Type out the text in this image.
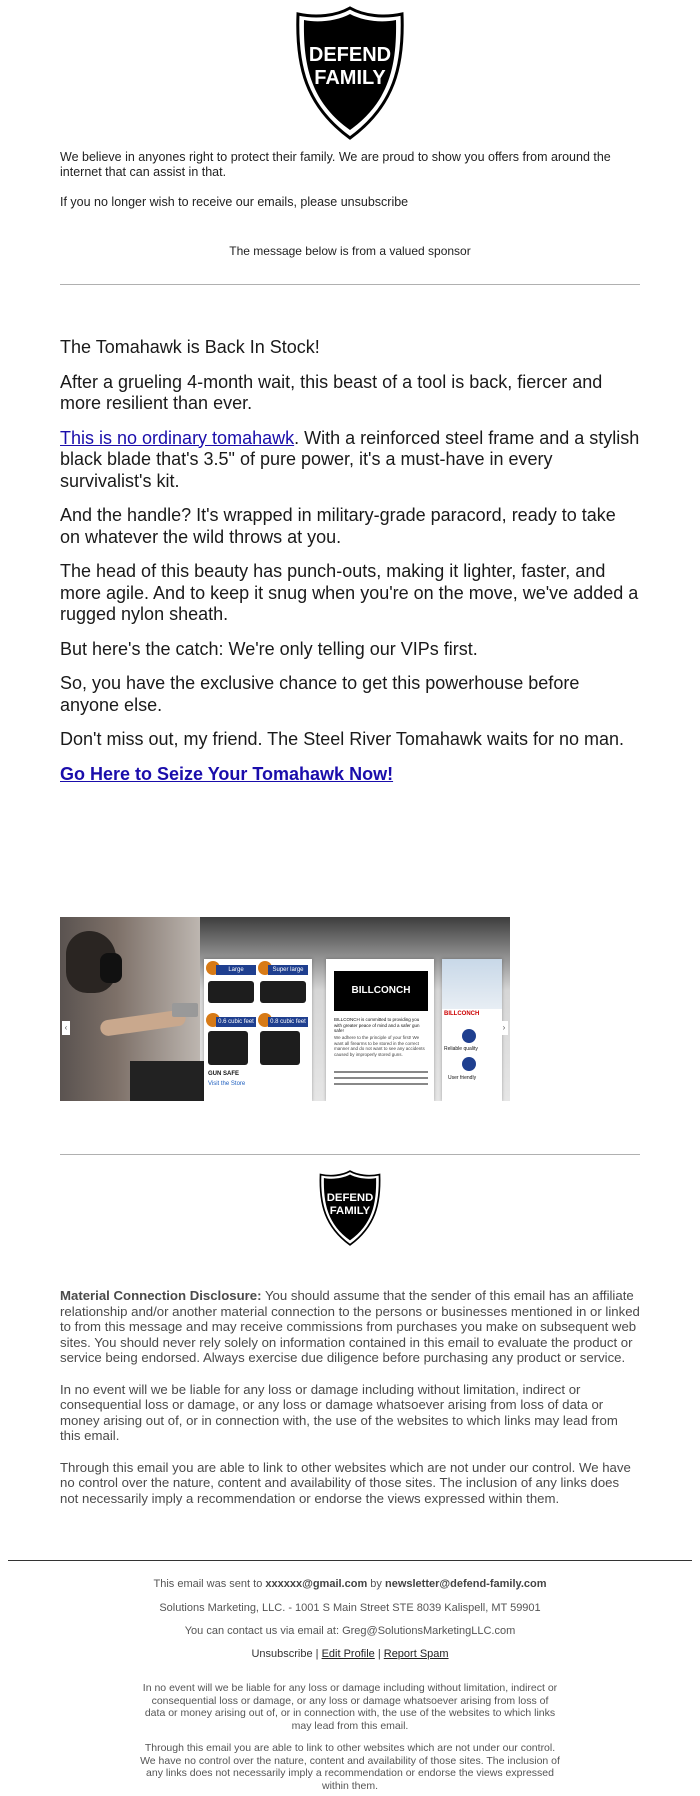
DEFEND
FAMILY

We believe in anyones right to protect their family. We are proud to show you offers from around the internet that can assist in that.

If you no longer wish to receive our emails, please unsubscribe

The message below is from a valued sponsor

The Tomahawk is Back In Stock!

After a grueling 4-month wait, this beast of a tool is back, fiercer and more resilient than ever.

This is no ordinary tomahawk. With a reinforced steel frame and a stylish black blade that's 3.5" of pure power, it's a must-have in every survivalist's kit.

And the handle? It's wrapped in military-grade paracord, ready to take on whatever the wild throws at you.

The head of this beauty has punch-outs, making it lighter, faster, and more agile. And to keep it snug when you're on the move, we've added a rugged nylon sheath.

But here's the catch: We're only telling our VIPs first.

So, you have the exclusive chance to get this powerhouse before anyone else.

Don't miss out, my friend. The Steel River Tomahawk waits for no man.

Go Here to Seize Your Tomahawk Now!

‹
Large	Super large
0.6 cubic feet	0.8 cubic feet
GUN SAFE
Visit the Store
BILLCONCH
BILLCONCH is committed to providing you with greater peace of mind and a safer gun safe!
We adhere to the principle of your first! We want all firearms to be stored in the correct manner and do not want to see any accidents caused by improperly stored guns.
BILLCONCH
Reliable quality
User friendly
›
DEFEND
FAMILY

Material Connection Disclosure: You should assume that the sender of this email has an affiliate relationship and/or another material connection to the persons or businesses mentioned in or linked to from this message and may receive commissions from purchases you make on subsequent web sites. You should never rely solely on information contained in this email to evaluate the product or service being endorsed. Always exercise due diligence before purchasing any product or service.

In no event will we be liable for any loss or damage including without limitation, indirect or consequential loss or damage, or any loss or damage whatsoever arising from loss of data or money arising out of, or in connection with, the use of the websites to which links may lead from this email.

Through this email you are able to link to other websites which are not under our control. We have no control over the nature, content and availability of those sites. The inclusion of any links does not necessarily imply a recommendation or endorse the views expressed within them.

This email was sent to xxxxxx@gmail.com by newsletter@defend-family.com
Solutions Marketing, LLC. - 1001 S Main Street STE 8039 Kalispell, MT 59901
You can contact us via email at: Greg@SolutionsMarketingLLC.com
Unsubscribe | Edit Profile | Report Spam
In no event will we be liable for any loss or damage including without limitation, indirect or consequential loss or damage, or any loss or damage whatsoever arising from loss of data or money arising out of, or in connection with, the use of the websites to which links may lead from this email.
Through this email you are able to link to other websites which are not under our control. We have no control over the nature, content and availability of those sites. The inclusion of any links does not necessarily imply a recommendation or endorse the views expressed within them.
